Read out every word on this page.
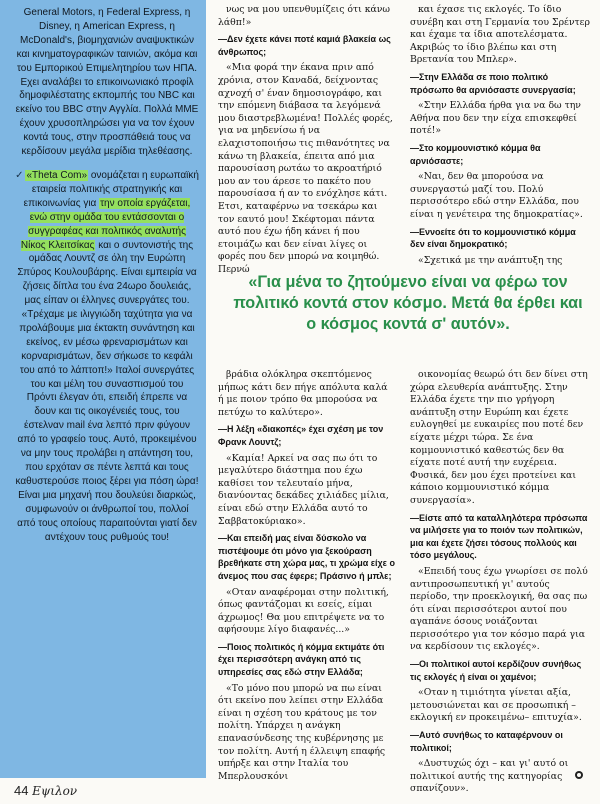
General Motors, η Federal Express, η Disney, η American Express, η McDonald's, βιομηχανιών αναψυκτικών και κινηματογραφικών ταινιών, ακόμα και του Εμπορικού Επιμελητηρίου των ΗΠΑ. Εχει αναλάβει το επικοινωνιακό προφίλ δημοφιλέστατης εκπομπής του NBC και εκείνο του BBC στην Αγγλία. Πολλά ΜΜΕ έχουν χρυσοπληρώσει για να τον έχουν κοντά τους, στην προσπάθειά τους να κερδίσουν μεγάλα μερίδια τηλεθέασης.

✓ «Theta Com» ονομάζεται η ευρωπαϊκή εταιρεία πολιτικής στρατηγικής και επικοινωνίας για την οποία εργάζεται, ενώ στην ομάδα του εντάσσονται ο συγγραφέας και πολιτικός αναλυτής Νίκος Κλειτσίκας και ο συντονιστής της ομάδας Λουντζ σε όλη την Ευρώπη Σπύρος Κουλουβάρης. Είναι εμπειρία να ζήσεις δίπλα του ένα 24ωρο δουλειάς, μας είπαν οι έλληνες συνεργάτες του. «Τρέχαμε με ιλιγγιώδη ταχύτητα για να προλάβουμε μια έκτακτη συνάντηση και εκείνος, εν μέσω φρεναρισμάτων και κορναρισμάτων, δεν σήκωσε το κεφάλι του από το λάπτοπ!» Ιταλοί συνεργάτες του και μέλη του συνασπισμού του Πρόντι έλεγαν ότι, επειδή έπρεπε να δουν και τις οικογένειές τους, του έστελναν mail ένα λεπτό πριν φύγουν από το γραφείο τους. Αυτό, προκειμένου να μην τους προλάβει η απάντηση του, που ερχόταν σε πέντε λεπτά και τους καθυστερούσε ποιος ξέρει για πόση ώρα! Είναι μια μηχανή που δουλεύει διαρκώς, συμφωνούν οι άνθρωποί του, πολλοί από τους οποίους παραιτούνται γιατί δεν αντέχουν τους ρυθμούς του!

νως να μου υπενθυμίζεις ότι κάνω λάθπ!»

—Δεν έχετε κάνει ποτέ καμιά βλακεία ως άνθρωπος;

«Μια φορά την έκανα πριν από χρόνια, στον Καναδά, δείχνοντας αχνοχή σ' έναν δημοσιογράφο, και την επόμενη διάβασα τα λεγόμενά μου διαστρεβλωμένα! Πολλές φορές, για να μηδενίσω ή να ελαχιστοποιήσω τις πιθανότητες να κάνω τη βλακεία, έπειτα από μια παρουσίαση ρωτάω το ακροατήριό μου αν του άρεσε το πακέτο που παρουσίασα ή αν το ενόχλησε κάτι. Ετσι, καταφέρνω να τσεκάρω και τον εαυτό μου! Σκέφτομαι πάντα αυτό που έχω ήδη κάνει ή που ετοιμάζω και δεν είναι λίγες οι φορές που δεν μπορώ να κοιμηθώ. Περνώ

και έχασε τις εκλογές. Το ίδιο συνέβη και στη Γερμανία του Σρέντερ και έχαμε τα ίδια αποτελέσματα. Ακριβώς το ίδιο βλέπω και στη Βρετανία του Μπλερ».

—Στην Ελλάδα σε ποιο πολιτικό πρόσωπο θα αρνιόσαστε συνεργασία;

«Στην Ελλάδα ήρθα για να δω την Αθήνα που δεν την είχα επισκεφθεί ποτέ!»

—Στο κομμουνιστικό κόμμα θα αρνιόσαστε;

«Ναι, δεν θα μπορούσα να συνεργαστώ μαζί του. Πολύ περισσότερο εδώ στην Ελλάδα, που είναι η γενέτειρα της δημοκρατίας».

—Εννοείτε ότι το κομμουνιστικό κόμμα δεν είναι δημοκρατικό;

«Σχετικά με την ανάπτυξη της

«Για μένα το ζητούμενο είναι να φέρω τον πολιτικό κοντά στον κόσμο. Μετά θα έρθει και ο κόσμος κοντά σ' αυτόν».

βράδια ολόκληρα σκεπτόμενος μήπως κάτι δεν πήγε απόλυτα καλά ή με ποιον τρόπο θα μπορούσα να πετύχω το καλύτερο».

—Η λέξη «διακοπές» έχει σχέση με τον Φρανκ Λουντζ;

«Καμία! Αρκεί να σας πω ότι το μεγαλύτερο διάστημα που έχω καθίσει τον τελευταίο μήνα, διανύοντας δεκάδες χιλιάδες μίλια, είναι εδώ στην Ελλάδα αυτό το Σαββατοκύριακο».

—Και επειδή μας είναι δύσκολο να πιστέψουμε ότι μόνο για ξεκούραση βρεθήκατε στη χώρα μας, τι χρώμα είχε ο άνεμος που σας έφερε; Πράσινο ή μπλε;

«Οταν αναφέρομαι στην πολιτική, όπως φαντάζομαι κι εσείς, είμαι άχρωμος! Θα μου επιτρέψετε να το αφήσουμε λίγο διαφανές...»

—Ποιος πολιτικός ή κόμμα εκτιμάτε ότι έχει περισσότερη ανάγκη από τις υπηρεσίες σας εδώ στην Ελλάδα;

«Το μόνο που μπορώ να πω είναι ότι εκείνο που λείπει στην Ελλάδα είναι η σχέση του κράτους με τον πολίτη. Υπάρχει η ανάγκη επανασύνδεσης της κυβέρνησης με τον πολίτη. Αυτή η έλλειψη επαφής υπήρξε και στην Ιταλία του Μπερλουσκόνι

οικονομίας θεωρώ ότι δεν δίνει στη χώρα ελευθερία ανάπτυξης. Στην Ελλάδα έχετε την πιο γρήγορη ανάπτυξη στην Ευρώπη και έχετε ευλογηθεί με ευκαιρίες που ποτέ δεν είχατε μέχρι τώρα. Σε ένα κομμουνιστικό καθεστώς δεν θα είχατε ποτέ αυτή την ευχέρεια. Φυσικά, δεν μου έχει προτείνει και κάποιο κομμουνιστικό κόμμα συνεργασία».

—Είστε από τα καταλληλότερα πρόσωπα να μιλήσετε για το ποιόν των πολιτικών, μια και έχετε ζήσει τόσους πολλούς και τόσο μεγάλους.

«Επειδή τους έχω γνωρίσει σε πολύ αντιπροσωπευτική γι' αυτούς περίοδο, την προεκλογική, θα σας πω ότι είναι περισσότεροι αυτοί που αγαπάνε όσους νοιάζονται περισσότερο για τον κόσμο παρά για να κερδίσουν τις εκλογές».

—Οι πολιτικοί αυτοί κερδίζουν συνήθως τις εκλογές ή είναι οι χαμένοι;

«Οταν η τιμιότητα γίνεται αξία, μετουσιώνεται και σε προσωπική –εκλογική εν προκειμένω– επιτυχία».

—Αυτό συνήθως το καταφέρνουν οι πολιτικοί;

«Δυστυχώς όχι – και γι' αυτό οι πολιτικοί αυτής της κατηγορίας σπανίζουν».

44 Εψιλον
